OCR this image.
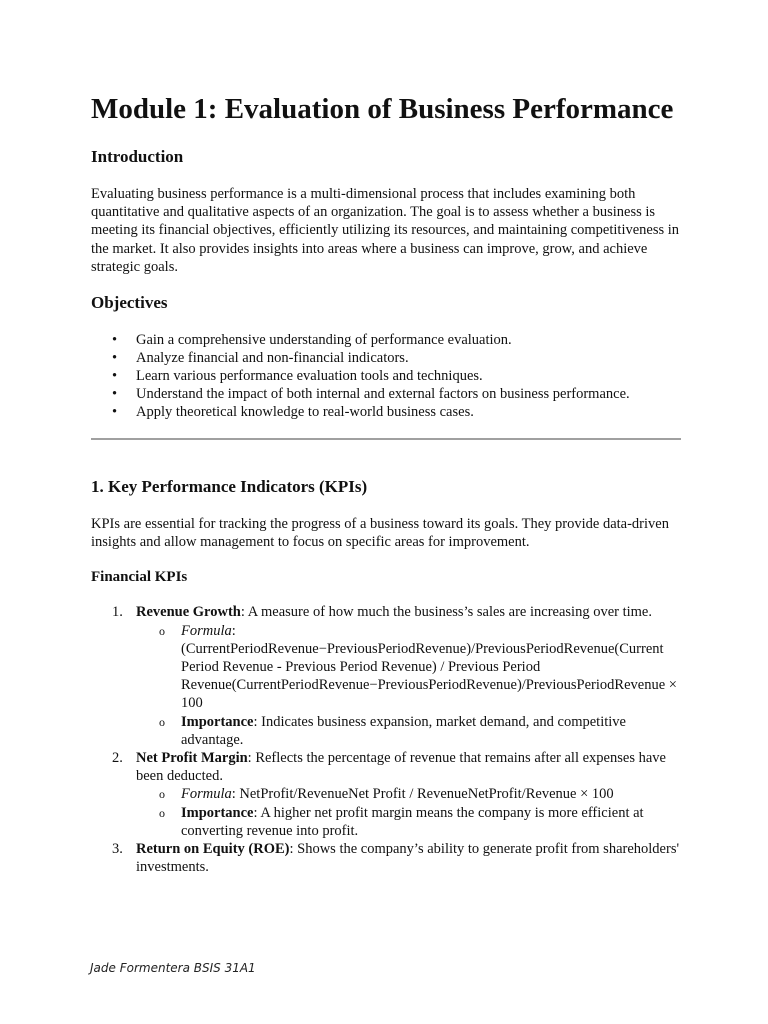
Module 1: Evaluation of Business Performance
Introduction

Evaluating business performance is a multi-dimensional process that includes examining both quantitative and qualitative aspects of an organization. The goal is to assess whether a business is meeting its financial objectives, efficiently utilizing its resources, and maintaining competitiveness in the market. It also provides insights into areas where a business can improve, grow, and achieve strategic goals.

Objectives
• Gain a comprehensive understanding of performance evaluation.
• Analyze financial and non-financial indicators.
• Learn various performance evaluation tools and techniques.
• Understand the impact of both internal and external factors on business performance.
• Apply theoretical knowledge to real-world business cases.
1. Key Performance Indicators (KPIs)

KPIs are essential for tracking the progress of a business toward its goals. They provide data-driven insights and allow management to focus on specific areas for improvement.

Financial KPIs
1. Revenue Growth: A measure of how much the business’s sales are increasing over time.
o Formula: (CurrentPeriodRevenue−PreviousPeriodRevenue)/PreviousPeriodRevenue(Current Period Revenue - Previous Period Revenue) / Previous Period Revenue(CurrentPeriodRevenue−PreviousPeriodRevenue)/PreviousPeriodRevenue × 100
o Importance: Indicates business expansion, market demand, and competitive advantage.
2. Net Profit Margin: Reflects the percentage of revenue that remains after all expenses have been deducted.
o Formula: NetProfit/RevenueNet Profit / RevenueNetProfit/Revenue × 100
o Importance: A higher net profit margin means the company is more efficient at converting revenue into profit.
3. Return on Equity (ROE): Shows the company’s ability to generate profit from shareholders' investments.
Jade Formentera BSIS 31A1
